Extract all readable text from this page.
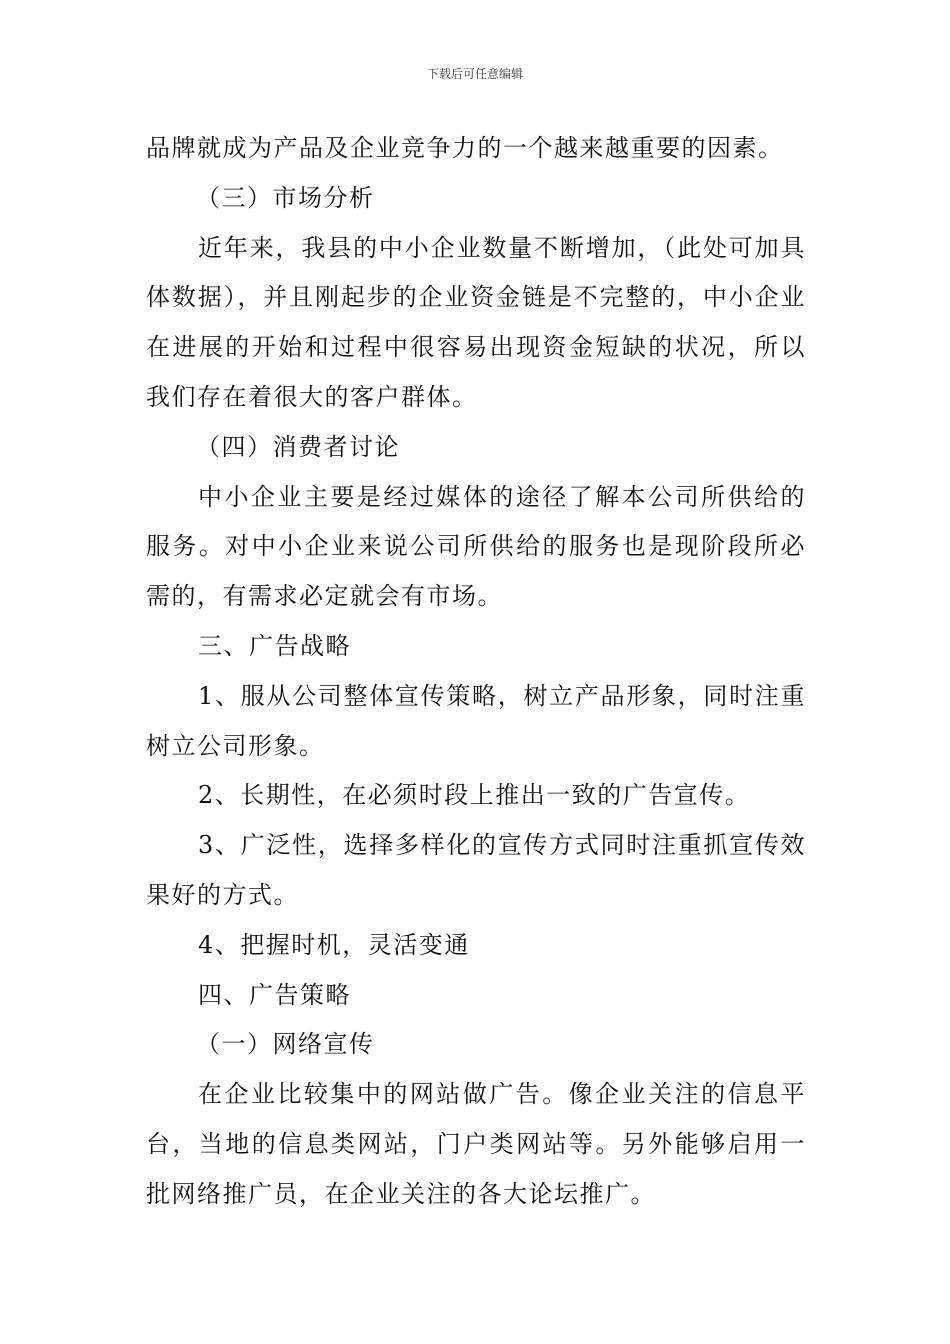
下载后可任意编辑

品牌就成为产品及企业竞争力的一个越来越重要的因素。

（三）市场分析

近年来，我县的中小企业数量不断增加，（此处可加具体数据），并且刚起步的企业资金链是不完整的，中小企业在进展的开始和过程中很容易出现资金短缺的状况，所以我们存在着很大的客户群体。

（四）消费者讨论

中小企业主要是经过媒体的途径了解本公司所供给的服务。对中小企业来说公司所供给的服务也是现阶段所必需的，有需求必定就会有市场。

三、广告战略

1、服从公司整体宣传策略，树立产品形象，同时注重树立公司形象。

2、长期性，在必须时段上推出一致的广告宣传。

3、广泛性，选择多样化的宣传方式同时注重抓宣传效果好的方式。

4、把握时机，灵活变通

四、广告策略

（一）网络宣传

在企业比较集中的网站做广告。像企业关注的信息平台，当地的信息类网站，门户类网站等。另外能够启用一批网络推广员，在企业关注的各大论坛推广。
